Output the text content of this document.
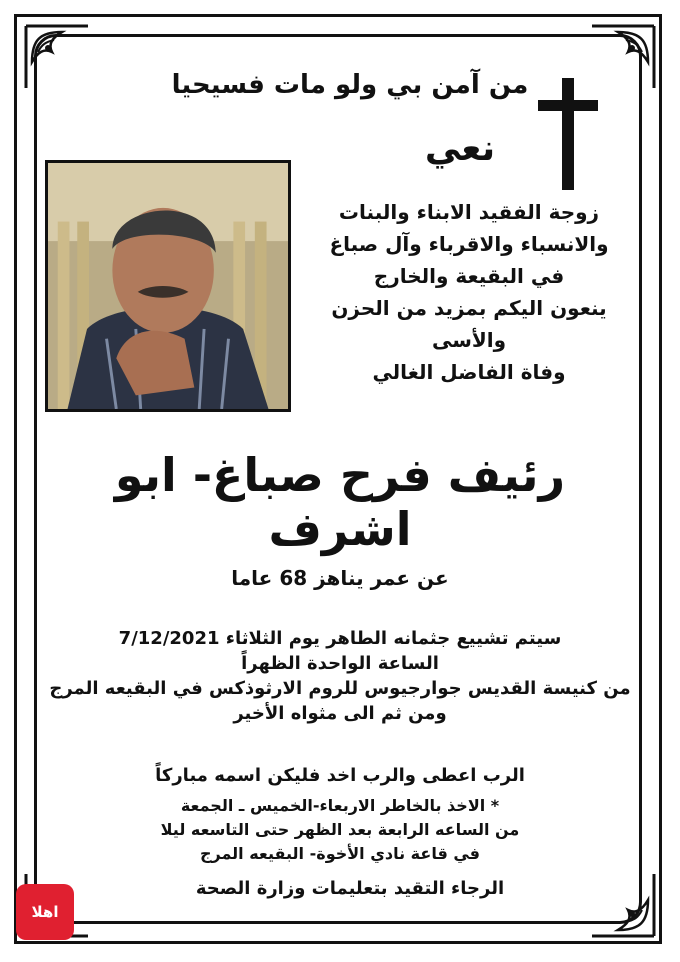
من آمن بي ولو مات فسيحيا
نعي
زوجة الفقيد الابناء والبنات
والانسباء والاقرباء وآل صباغ
في البقيعة والخارج
ينعون اليكم بمزيد من الحزن والأسى
وفاة الفاضل الغالي
رئيف فرح صباغ- ابو اشرف
عن عمر يناهز 68 عاما
سيتم تشييع جثمانه الطاهر يوم الثلاثاء 7/12/2021
الساعة الواحدة الظهراً
من كنيسة القديس جوارجيوس للروم الارثوذكس في البقيعه المرج
ومن ثم الى مثواه الأخير
الرب اعطى والرب اخد فليكن اسمه مباركاً
* الاخذ بالخاطر الاربعاء-الخميس ـ الجمعة
من الساعه الرابعة بعد الظهر حتى التاسعه ليلا
في قاعة نادي الأخوة- البقيعه المرج
الرجاء التقيد بتعليمات وزارة الصحة
اهلا
